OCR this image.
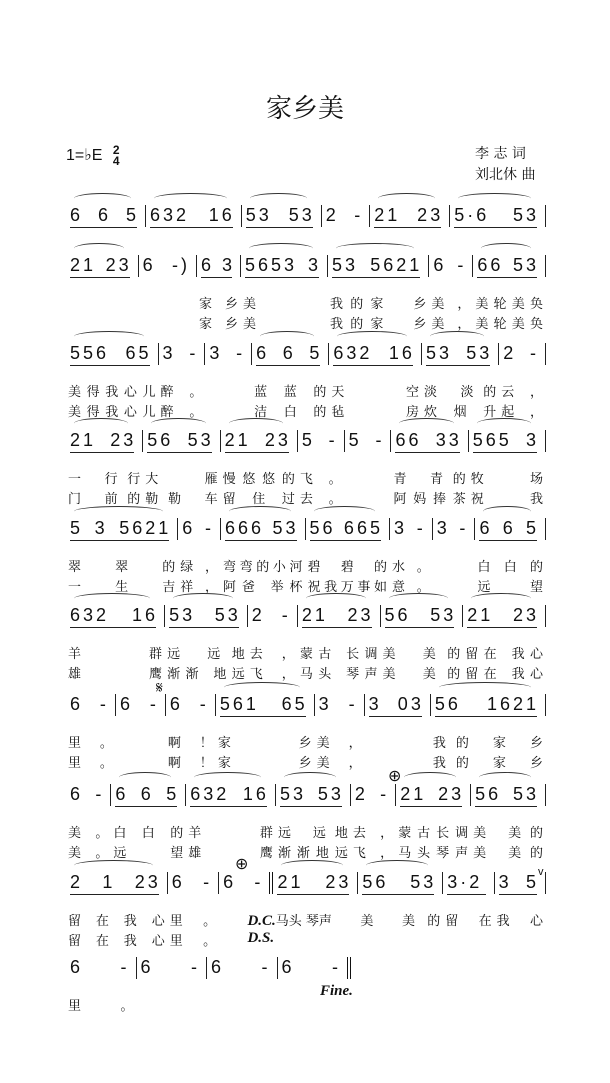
家乡美
1=♭E 2
4	李 志 词
刘北休 曲
6 6 5 632 16 53 53 2 - 21 23 5·6 53
21 23 6 -) 6 3
家  乡
家  乡
5653 3
美
美
53 5621
我的家  乡
我的家  乡
6 -
美，
美，
66 53
美轮美奂
美轮美奂
556 65
美得我心儿
美得我心儿
3 -
醉。
醉。
3 - 6 6 5
蓝蓝的
洁白的
632 16
天  空
毡  房
53 53
淡 淡的
炊烟升
2 -
云，
起，
21 23
一 行行
门 前的
56 53
大 雁
勒勒 车
21 23
慢悠悠的
留住过
5 -
飞。
去。
5 - 66 33
青 青的
阿妈捧茶
565 3
牧 场
祝 我
5 3 5621
翠 翠 的
一生吉
6 -
绿，
祥，
666 53
弯弯的小河
阿爸 举杯
56 665
碧 碧 的
祝我万事如
3 -
水。
意。
3 - 6 6 5
白白的
远望
632 16
羊  群
雄  鹰
53 53
远 远地
渐渐 地远
2 -
去，
飞，
21 23
蒙古 长调
马头 琴声
56 53
美 美的
美 美的
21 23
留在 我心
留在 我心
6 -
里。
里。
6 - 6 -
啊！
啊！
561 65
家  乡
家  乡
3 -
美，
美，
3 03 56 1621
我的 家 乡
我的 家 乡
6 -
美。
美。
6 6 5
白白的
远望
632 16
羊  群
雄  鹰
53 53
远 远地
渐渐地远
2 -
去，
飞，
21 23
蒙古长调
马头琴声
56 53
美 美的
美 美的
2 1 23
留在我心
留在我心
6 -
里。
里。
6 - 21 23
D.C.马头 琴声
D.S.
56 53
美 美的
3·2
留 在
3 5
我心
6 -
里。
6 - 6 - 6 -
𝄋
⊕
⊕	v
Fine.
